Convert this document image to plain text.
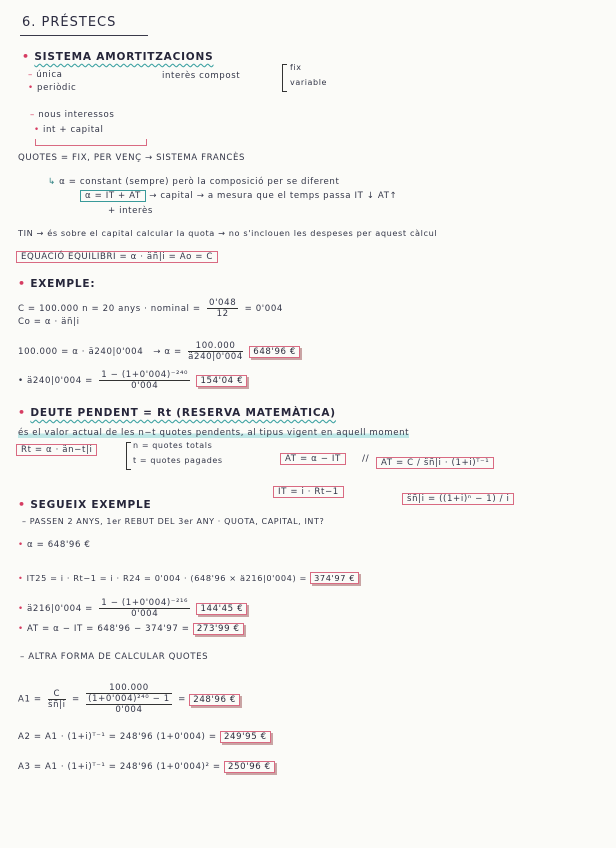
6. PRÉSTECS
• SISTEMA AMORTITZACIONS
– única
• periòdic
interès compost
fix
variable
– nous interessos
• int + capital
QUOTES = FIX, PER VENÇ → SISTEMA FRANCÈS
↳ α = constant (sempre) però la composició per se diferent
α = IT + AT → capital → a mesura que el temps passa IT ↓ AT↑
+ interès
TIN → és sobre el capital calcular la quota → no s'inclouen les despeses per aquest càlcul
EQUACIÓ EQUILIBRI = α · äñ|i = Ao = C
• EXEMPLE:
C = 100.000 n = 20 anys · nominal = $\frac{0'048}{12} = 0'004$
Co = α · äñ|i
100.000 = α · ä240|0'004 → $\alpha = \frac{100.000}{ä240|0'004} 648'96$ €
• ä240|0'004 = $\frac{\text{1 − (1+0'004)⁻²⁴⁰}}{0'004} 154'04$ €
• DEUTE PENDENT = Rt (RESERVA MATEMÀTICA)
és el valor actual de les n−t quotes pendents, al tipus vigent en aquell moment
Rt = α · än−t|i	n = quotes totals
t = quotes pagades	AT = α − IT	//	AT = C / s̈ñ|i · (1+i)ᵀ⁻¹
IT = i · Rt−1
s̈ñ|i = ((1+i)ⁿ − 1) / i
• SEGUEIX EXEMPLE
– PASSEN 2 ANYS, 1er REBUT DEL 3er ANY · QUOTA, CAPITAL, INT?
• α = 648'96 €
• IT25 = i · Rt−1 = i · R24 = 0'004 · (648'96 × ä216|0'004) = 374'97 €
• ä216|0'004 = $\frac{\text{1 − (1+0'004)⁻²¹⁶}}{0'004} 144'45$ €
• AT = α − IT = 648'96 − 374'97 = 273'99 €
– ALTRA FORMA DE CALCULAR QUOTES
$A1 = \frac{C}{s̈ñ|i}$ =
100.000
(1+0'004)²⁴⁰ − 1
0'004
= 248'96 €
A2 = A1 · (1+i)ᵀ⁻¹ = 248'96 (1+0'004) = 249'95 €
A3 = A1 · (1+i)ᵀ⁻¹ = 248'96 (1+0'004)² = 250'96 €
